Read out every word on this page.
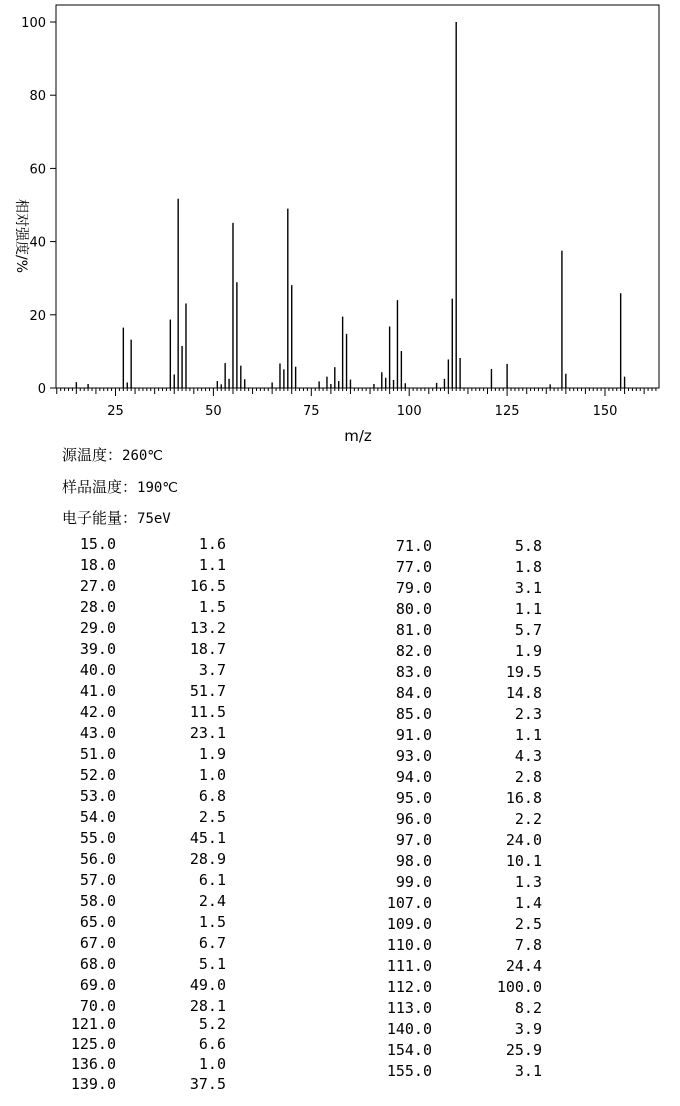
0
20
40
60
80
100
25	50	75	100	125	150
m/z
相对强度/%
源温度：260℃
样品温度：190℃
电子能量：75eV
15.0	1.6
18.0	1.1
27.0	16.5
28.0	1.5
29.0	13.2
39.0	18.7
40.0	3.7
41.0	51.7
42.0	11.5
43.0	23.1
51.0	1.9
52.0	1.0
53.0	6.8
54.0	2.5
55.0	45.1
56.0	28.9
57.0	6.1
58.0	2.4
65.0	1.5
67.0	6.7
68.0	5.1
69.0	49.0
70.0	28.1
121.0	5.2
125.0	6.6
136.0	1.0
139.0	37.5
71.0	5.8
77.0	1.8
79.0	3.1
80.0	1.1
81.0	5.7
82.0	1.9
83.0	19.5
84.0	14.8
85.0	2.3
91.0	1.1
93.0	4.3
94.0	2.8
95.0	16.8
96.0	2.2
97.0	24.0
98.0	10.1
99.0	1.3
107.0	1.4
109.0	2.5
110.0	7.8
111.0	24.4
112.0	100.0
113.0	8.2
140.0	3.9
154.0	25.9
155.0	3.1
